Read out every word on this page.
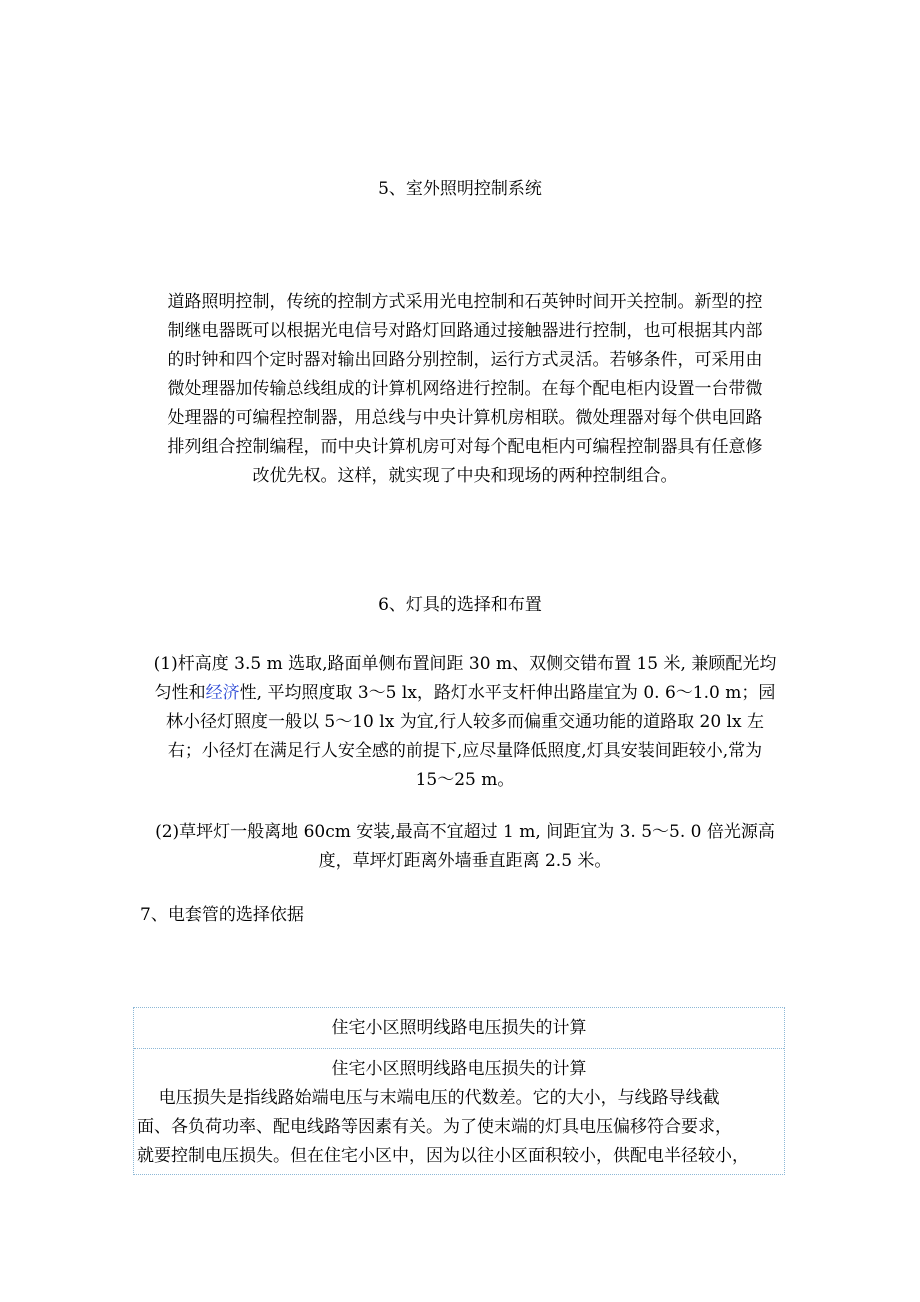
5、室外照明控制系统
道路照明控制，传统的控制方式采用光电控制和石英钟时间开关控制。新型的控
制继电器既可以根据光电信号对路灯回路通过接触器进行控制，也可根据其内部
的时钟和四个定时器对输出回路分别控制，运行方式灵活。若够条件，可采用由
微处理器加传输总线组成的计算机网络进行控制。在每个配电柜内设置一台带微
处理器的可编程控制器，用总线与中央计算机房相联。微处理器对每个供电回路
排列组合控制编程，而中央计算机房可对每个配电柜内可编程控制器具有任意修
改优先权。这样，就实现了中央和现场的两种控制组合。
6、灯具的选择和布置
(1)杆高度 3.5 m 选取,路面单侧布置间距 30 m、双侧交错布置 15 米, 兼顾配光均
匀性和经济性, 平均照度取 3～5 lx，路灯水平支杆伸出路崖宜为 0. 6～1.0 m；园
林小径灯照度一般以 5～10 lx 为宜,行人较多而偏重交通功能的道路取 20 lx 左
右；小径灯在满足行人安全感的前提下,应尽量降低照度,灯具安装间距较小,常为
15～25 m。
(2)草坪灯一般离地 60cm 安装,最高不宜超过 1 m, 间距宜为 3. 5～5. 0 倍光源高
度，草坪灯距离外墙垂直距离 2.5 米。
7、电套管的选择依据
住宅小区照明线路电压损失的计算
住宅小区照明线路电压损失的计算
电压损失是指线路始端电压与末端电压的代数差。它的大小，与线路导线截
面、各负荷功率、配电线路等因素有关。为了使末端的灯具电压偏移符合要求，
就要控制电压损失。但在住宅小区中，因为以往小区面积较小，供配电半径较小，
